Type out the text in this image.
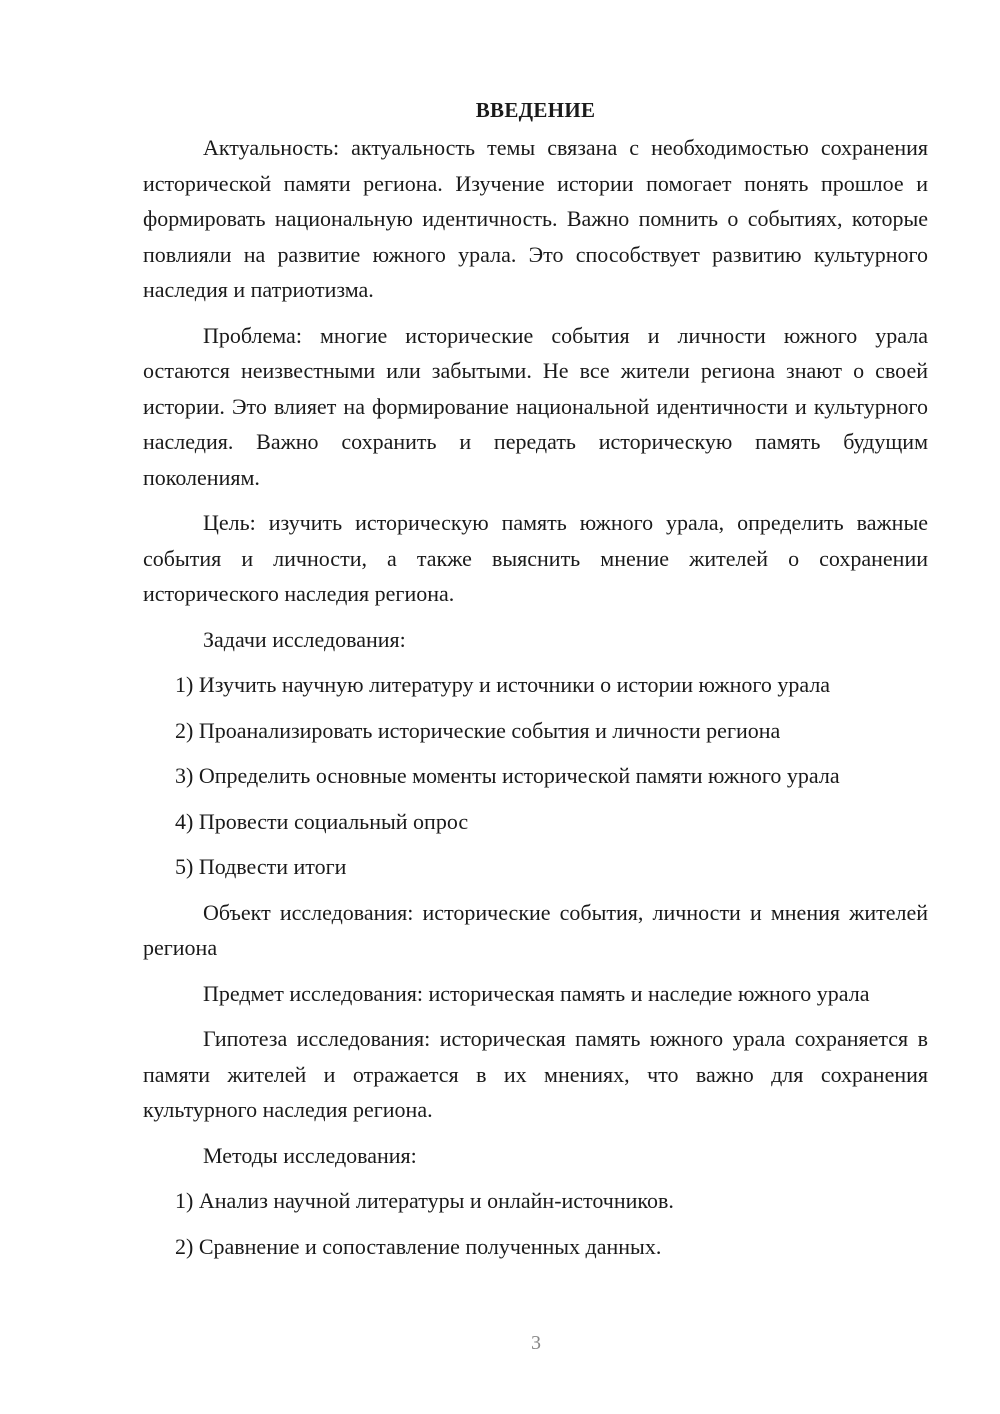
ВВЕДЕНИЕ

Актуальность: актуальность темы связана с необходимостью сохранения исторической памяти региона. Изучение истории помогает понять прошлое и формировать национальную идентичность. Важно помнить о событиях, которые повлияли на развитие южного урала. Это способствует развитию культурного наследия и патриотизма.

Проблема: многие исторические события и личности южного урала остаются неизвестными или забытыми. Не все жители региона знают о своей истории. Это влияет на формирование национальной идентичности и культурного наследия. Важно сохранить и передать историческую память будущим поколениям.

Цель: изучить историческую память южного урала, определить важные события и личности, а также выяснить мнение жителей о сохранении исторического наследия региона.

Задачи исследования:
1) Изучить научную литературу и источники о истории южного урала
2) Проанализировать исторические события и личности региона
3) Определить основные моменты исторической памяти южного урала
4) Провести социальный опрос
5) Подвести итоги

Объект исследования: исторические события, личности и мнения жителей региона

Предмет исследования: историческая память и наследие южного урала

Гипотеза исследования: историческая память южного урала сохраняется в памяти жителей и отражается в их мнениях, что важно для сохранения культурного наследия региона.

Методы исследования:
1) Анализ научной литературы и онлайн-источников.
2) Сравнение и сопоставление полученных данных.
3
